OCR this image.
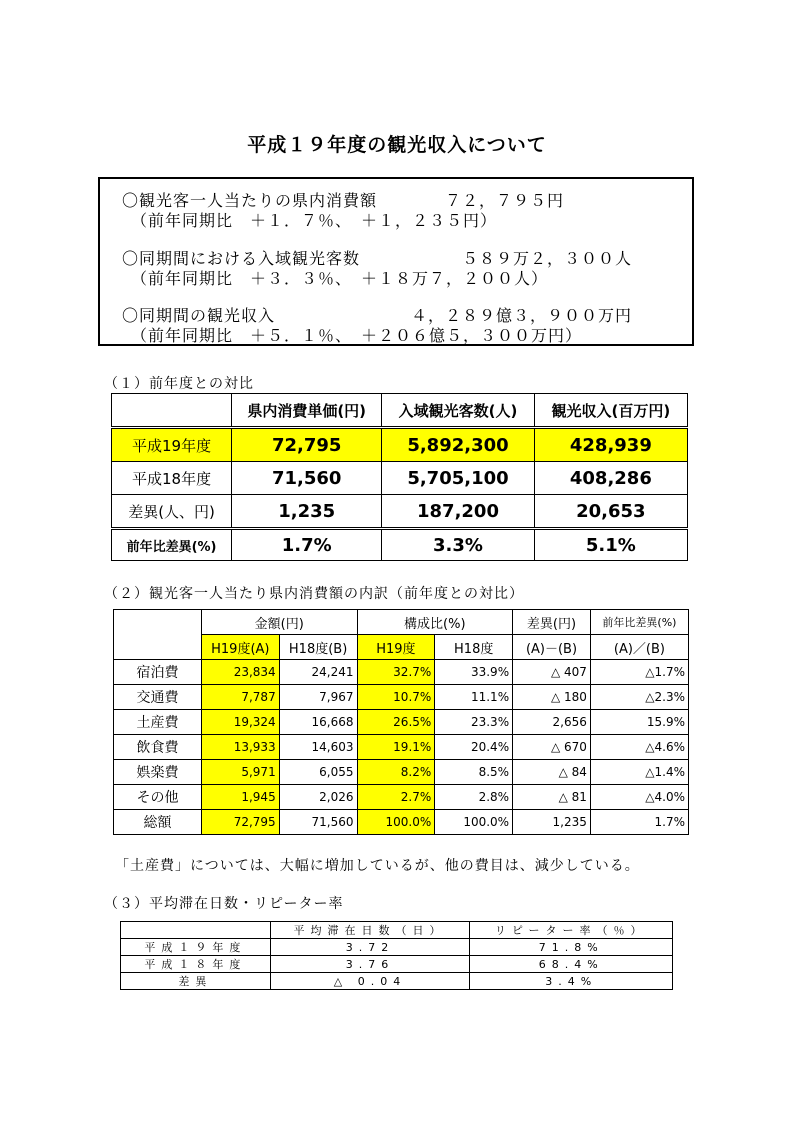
平成１９年度の観光収入について
〇観光客一人当たりの県内消費額　　　　７２，７９５円
　（前年同期比　＋１．７％、　＋１，２３５円）
〇同期間における入域観光客数　　　　　　５８９万２，３００人
　（前年同期比　＋３．３％、　＋１８万７，２００人）
〇同期間の観光収入　　　　　　　　４，２８９億３，９００万円
　（前年同期比　＋５．１％、　＋２０６億５，３００万円）
（１）前年度との対比
	県内消費単価(円)	入域観光客数(人)	観光収入(百万円)
平成19年度	72,795	5,892,300	428,939
平成18年度	71,560	5,705,100	408,286
差異(人、円)	1,235	187,200	20,653
前年比差異(%)	1.7%	3.3%	5.1%
（２）観光客一人当たり県内消費額の内訳（前年度との対比）
	金額(円)		構成比(%)		差異(円)	前年比差異(%)
	H19度(A)	H18度(B)	H19度	H18度	(A)－(B)	(A)／(B)
宿泊費	23,834	24,241	32.7%	33.9%	△ 407	△1.7%
交通費	7,787	7,967	10.7%	11.1%	△ 180	△2.3%
土産費	19,324	16,668	26.5%	23.3%	2,656	15.9%
飲食費	13,933	14,603	19.1%	20.4%	△ 670	△4.6%
娯楽費	5,971	6,055	8.2%	8.5%	△ 84	△1.4%
その他	1,945	2,026	2.7%	2.8%	△ 81	△4.0%
総額	72,795	71,560	100.0%	100.0%	1,235	1.7%
「土産費」については、大幅に増加しているが、他の費目は、減少している。
（３）平均滞在日数・リピーター率
	平均滞在日数（日）	リピーター率（％）
平成１９年度	3.72	71.8%
平成１８年度	3.76	68.4%
差異	△ 0.04	3.4%
